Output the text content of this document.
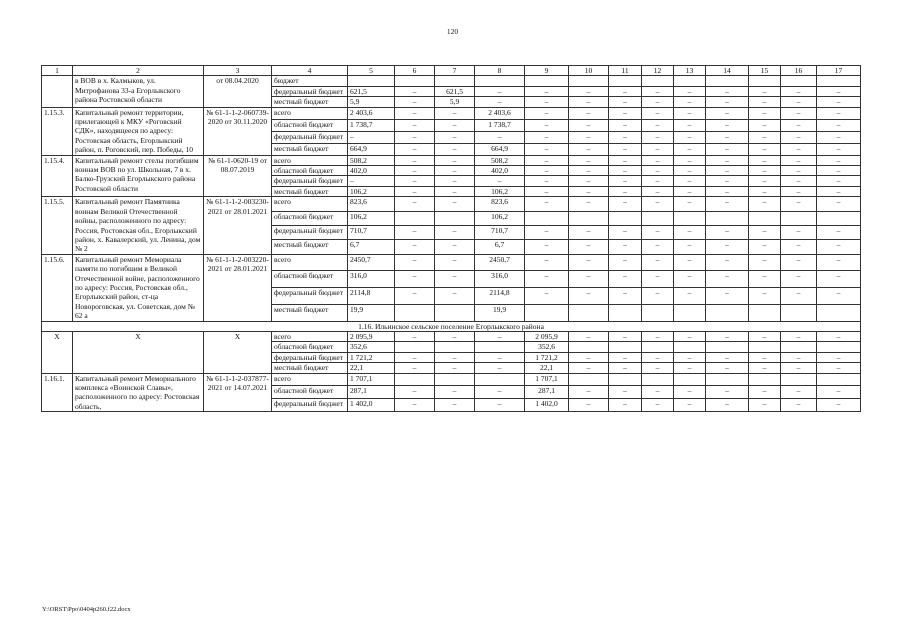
120
1	2	3	4	5	6	7	8	9	10	11	12	13	14	15	16	17
	в ВОВ в х. Калмыков, ул. Митрофанова 33-а Егорлыкского района Ростовской области	от 08.04.2020	бюджет													
			федеральный бюджет	621,5	–	621,5	–	–	–	–	–	–	–	–	–	–
			местный бюджет	5,9	–	5,9	–	–	–	–	–	–	–	–	–	–
1.15.3.	Капитальный ремонт территории, прилегающей к МКУ «Роговский СДК», находящееся по адресу: Ростовская область, Егорлыкский район, п. Роговский, пер. Победы, 10	№ 61-1-1-2-060739-2020 от 30.11.2020	всего	2 403,6	–	–	2 403,6	–	–	–	–	–	–	–	–	–
			областной бюджет	1 738,7	–	–	1 738,7	–	–	–	–	–	–	–	–	–
			федеральный бюджет	–	–	–	–	–	–	–	–	–	–	–	–	–
			местный бюджет	664,9	–	–	664,9	–	–	–	–	–	–	–	–	–
1.15.4.	Капитальный ремонт стелы погибшим воинам ВОВ по ул. Школьная, 7 в х. Балко-Грузский Егорлыкского района Ростовской области	№ 61-1-0620-19 от 08.07.2019	всего	508,2	–	–	508,2	–	–	–	–	–	–	–	–	–
			областной бюджет	402,0	–	–	402,0	–	–	–	–	–	–	–	–	–
			федеральный бюджет	–	–	–	–	–	–	–	–	–	–	–	–	–
			местный бюджет	106,2	–	–	106,2	–	–	–	–	–	–	–	–	–
1.15.5.	Капитальный ремонт Памятника воинам Великой Отечественной войны, расположенного по адресу: Россия, Ростовская обл., Егорлыкский район, х. Кавалерский, ул. Ленина, дом № 2	№ 61-1-1-2-003230-2021 от 28.01.2021	всего	823,6	–	–	823,6	–	–	–	–	–	–	–	–	–
			областной бюджет	106,2			106,2									
			федеральный бюджет	710,7	–	–	710,7	–	–	–	–	–	–	–	–	–
			местный бюджет	6,7	–	–	6,7	–	–	–	–	–	–	–	–	–
1.15.6.	Капитальный ремонт Мемориала памяти по погибшим в Великой Отечественной войне, расположенного по адресу: Россия, Ростовская обл., Егорлыкский район, ст-ца Новороговская, ул. Советская, дом № 62 а	№ 61-1-1-2-003220-2021 от 28.01.2021	всего	2450,7	–	–	2450,7	–	–	–	–	–	–	–	–	–
			областной бюджет	316,0	–	–	316,0	–	–	–	–	–	–	–	–	–
			федеральный бюджет	2114,8	–	–	2114,8	–	–	–	–	–	–	–	–	–
			местный бюджет	19,9			19,9									
1.16. Ильинское сельское поселение Егорлыкского района																
X	X	X	всего	2 095,9	–	–	–	2 095,9	–	–	–	–	–	–	–	–
			областной бюджет	352,6				352,6								
			федеральный бюджет	1 721,2	–	–	–	1 721,2	–	–	–	–	–	–	–	–
			местный бюджет	22,1	–	–	–	22,1	–	–	–	–	–	–	–	–
1.16.1.	Капитальный ремонт Мемориального комплекса «Воинской Славы», расположенного по адресу: Ростовская область,	№ 61-1-1-2-037877-2021 от 14.07.2021	всего	1 707,1				1 707,1								
			областной бюджет	287,1	–	–	–	287,1	–	–	–	–	–	–	–	–
			федеральный бюджет	1 402,0	–	–	–	1 402,0	–	–	–	–	–	–	–	–
Y:\ORST\Ppo\0404p260.f22.docx
